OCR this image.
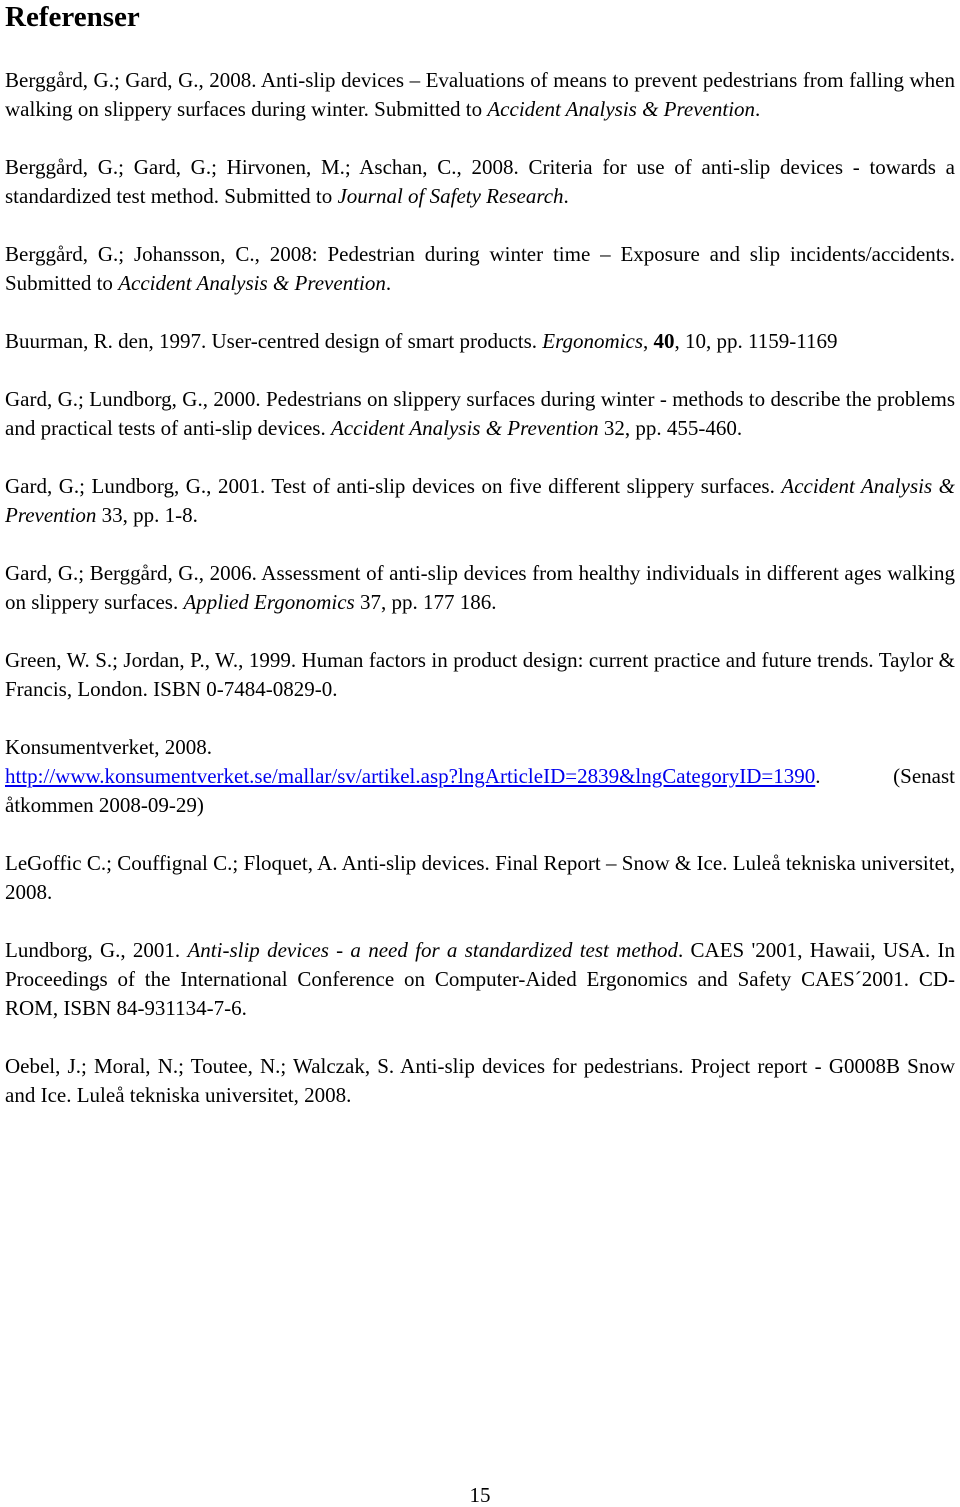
Referenser

Berggård, G.; Gard, G., 2008. Anti-slip devices – Evaluations of means to prevent pedestrians from falling when walking on slippery surfaces during winter. Submitted to Accident Analysis & Prevention.

Berggård, G.; Gard, G.; Hirvonen, M.; Aschan, C., 2008. Criteria for use of anti-slip devices - towards a standardized test method. Submitted to Journal of Safety Research.

Berggård, G.; Johansson, C., 2008: Pedestrian during winter time – Exposure and slip incidents/accidents. Submitted to Accident Analysis & Prevention.

Buurman, R. den, 1997. User-centred design of smart products. Ergonomics, 40, 10, pp. 1159-1169

Gard, G.; Lundborg, G., 2000. Pedestrians on slippery surfaces during winter - methods to describe the problems and practical tests of anti-slip devices. Accident Analysis & Prevention 32, pp. 455-460.

Gard, G.; Lundborg, G., 2001. Test of anti-slip devices on five different slippery surfaces. Accident Analysis & Prevention 33, pp. 1-8.

Gard, G.; Berggård, G., 2006. Assessment of anti-slip devices from healthy individuals in different ages walking on slippery surfaces. Applied Ergonomics 37, pp. 177 186.

Green, W. S.; Jordan, P., W., 1999. Human factors in product design: current practice and future trends. Taylor & Francis, London. ISBN 0-7484-0829-0.

Konsumentverket, 2008.
http://www.konsumentverket.se/mallar/sv/artikel.asp?lngArticleID=2839&lngCategoryID=1390. (Senast åtkommen 2008-09-29)

LeGoffic C.; Couffignal C.; Floquet, A. Anti-slip devices. Final Report – Snow & Ice. Luleå tekniska universitet, 2008.

Lundborg, G., 2001. Anti-slip devices - a need for a standardized test method. CAES '2001, Hawaii, USA. In Proceedings of the International Conference on Computer-Aided Ergonomics and Safety CAES´2001. CD-ROM, ISBN 84-931134-7-6.

Oebel, J.; Moral, N.; Toutee, N.; Walczak, S. Anti-slip devices for pedestrians. Project report - G0008B Snow and Ice. Luleå tekniska universitet, 2008.

15
